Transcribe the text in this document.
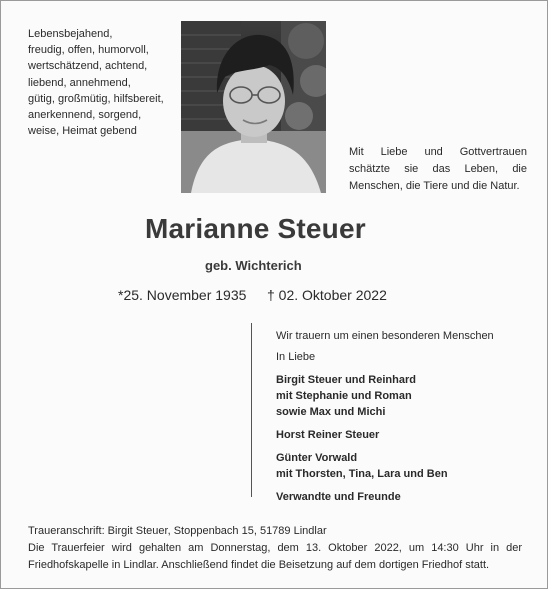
Lebensbejahend,
freudig, offen, humorvoll,
wertschätzend, achtend,
liebend, annehmend,
gütig, großmütig, hilfsbereit,
anerkennend, sorgend,
weise, Heimat gebend
Mit Liebe und Gottvertrauen schätzte sie das Leben, die Menschen, die Tiere und die Natur.
Marianne Steuer
geb. Wichterich
*25. November 1935 † 02. Oktober 2022
Wir trauern um einen besonderen Menschen
In Liebe
Birgit Steuer und Reinhard
mit Stephanie und Roman
sowie Max und Michi
Horst Reiner Steuer
Günter Vorwald
mit Thorsten, Tina, Lara und Ben
Verwandte und Freunde
Traueranschrift: Birgit Steuer, Stoppenbach 15, 51789 Lindlar
Die Trauerfeier wird gehalten am Donnerstag, dem 13. Oktober 2022, um 14:30 Uhr in der Friedhofskapelle in Lindlar. Anschließend findet die Beisetzung auf dem dortigen Friedhof statt.
